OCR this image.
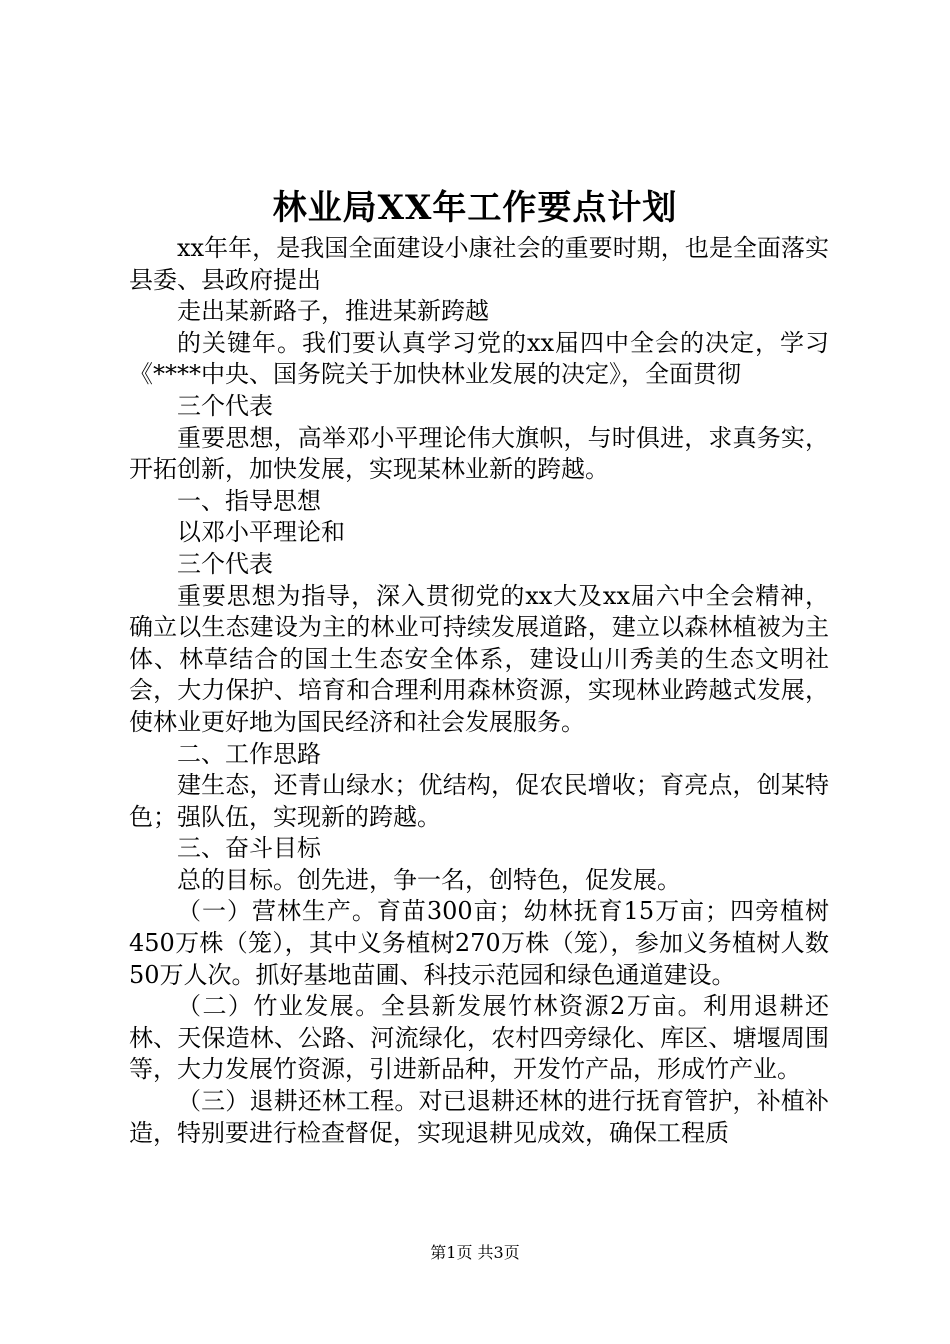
林业局XX年工作要点计划

xx年年，是我国全面建设小康社会的重要时期，也是全面落实县委、县政府提出

走出某新路子，推进某新跨越

的关键年。我们要认真学习党的xx届四中全会的决定，学习《****中央、国务院关于加快林业发展的决定》，全面贯彻

三个代表

重要思想，高举邓小平理论伟大旗帜，与时俱进，求真务实，开拓创新，加快发展，实现某林业新的跨越。

一、指导思想

以邓小平理论和

三个代表

重要思想为指导，深入贯彻党的xx大及xx届六中全会精神，确立以生态建设为主的林业可持续发展道路，建立以森林植被为主体、林草结合的国土生态安全体系，建设山川秀美的生态文明社会，大力保护、培育和合理利用森林资源，实现林业跨越式发展，使林业更好地为国民经济和社会发展服务。

二、工作思路

建生态，还青山绿水；优结构，促农民增收；育亮点，创某特色；强队伍，实现新的跨越。

三、奋斗目标

总的目标。创先进，争一名，创特色，促发展。

（一）营林生产。育苗300亩；幼林抚育15万亩；四旁植树450万株（笼），其中义务植树270万株（笼），参加义务植树人数50万人次。抓好基地苗圃、科技示范园和绿色通道建设。

（二）竹业发展。全县新发展竹林资源2万亩。利用退耕还林、天保造林、公路、河流绿化，农村四旁绿化、库区、塘堰周围等，大力发展竹资源，引进新品种，开发竹产品，形成竹产业。

（三）退耕还林工程。对已退耕还林的进行抚育管护，补植补造，特别要进行检查督促，实现退耕见成效，确保工程质

第1页 共3页
